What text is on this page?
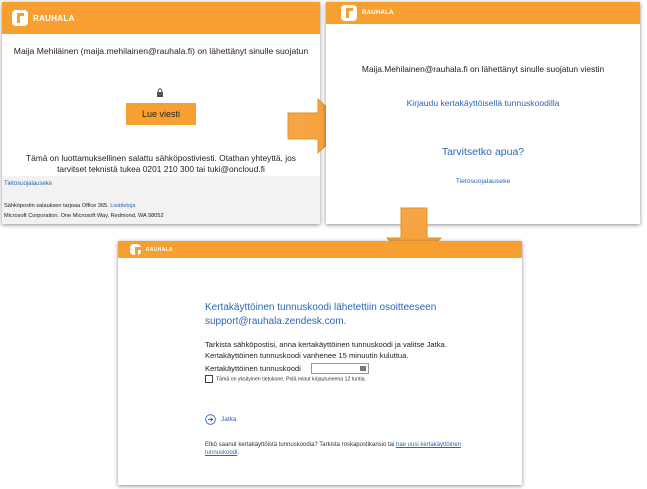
RAUHALA
Maija Mehiläinen (maija.mehilainen@rauhala.fi) on lähettänyt sinulle suojatun
Lue viesti
Tämä on luottamuksellinen salattu sähköpostiviesti. Otathan yhteyttä, jos
tarvitset teknistä tukea 0201 210 300 tai tuki@oncloud.fi
Tietosuojalauseke
Sähköpostin salauksen tarjoaa Office 365. Lisätietoja
Microsoft Corporation. One Microsoft Way, Redmond, WA 98052
RAUHALA
Maija.Mehilainen@rauhala.fi on lähettänyt sinulle suojatun viestin
Kirjaudu kertakäyttöisellä tunnuskoodilla
Tarvitsetko apua?
Tietosuojalauseke
RAUHALA
Kertakäyttöinen tunnuskoodi lähetettiin osoitteeseen
support@rauhala.zendesk.com.
Tarkista sähköpostisi, anna kertakäyttöinen tunnuskoodi ja valitse Jatka.
Kertakäyttöinen tunnuskoodi vanhenee 15 minuutin kuluttua.
Kertakäyttöinen tunnuskoodi
Tämä on yksityinen tietokone. Pidä minut kirjautuneena 12 tuntia.
Jatka
Etkö saanut kertakäyttöistä tunnuskoodia? Tarkista roskapostikansio tai hae uusi kertakäyttöinen
tunnuskoodi.
